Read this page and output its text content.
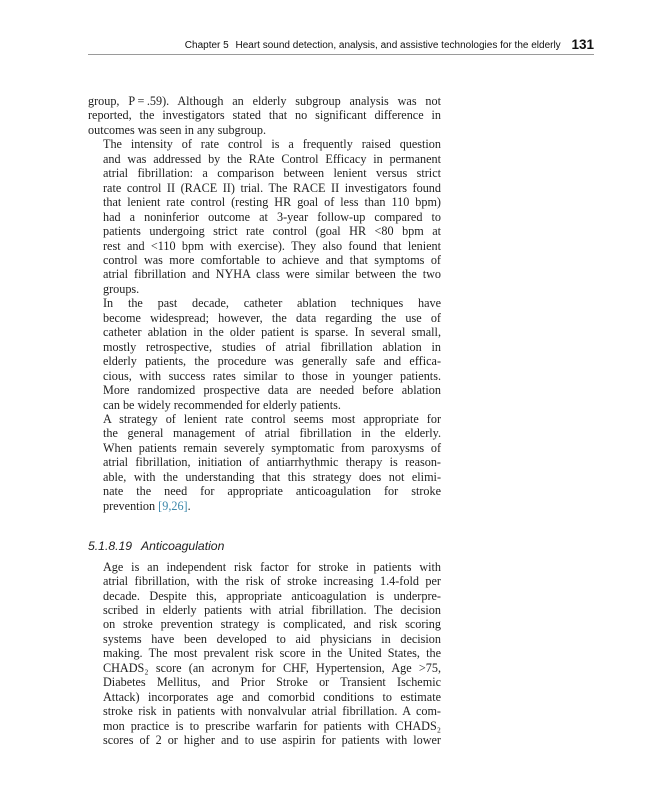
Chapter 5 Heart sound detection, analysis, and assistive technologies for the elderly 131

group, P = .59). Although an elderly subgroup analysis was not
reported, the investigators stated that no significant difference in
outcomes was seen in any subgroup.

The intensity of rate control is a frequently raised question
and was addressed by the RAte Control Efficacy in permanent
atrial fibrillation: a comparison between lenient versus strict
rate control II (RACE II) trial. The RACE II investigators found
that lenient rate control (resting HR goal of less than 110 bpm)
had a noninferior outcome at 3-year follow-up compared to
patients undergoing strict rate control (goal HR <80 bpm at
rest and <110 bpm with exercise). They also found that lenient
control was more comfortable to achieve and that symptoms of
atrial fibrillation and NYHA class were similar between the two
groups.

In the past decade, catheter ablation techniques have
become widespread; however, the data regarding the use of
catheter ablation in the older patient is sparse. In several small,
mostly retrospective, studies of atrial fibrillation ablation in
elderly patients, the procedure was generally safe and effica-
cious, with success rates similar to those in younger patients.
More randomized prospective data are needed before ablation
can be widely recommended for elderly patients.

A strategy of lenient rate control seems most appropriate for
the general management of atrial fibrillation in the elderly.
When patients remain severely symptomatic from paroxysms of
atrial fibrillation, initiation of antiarrhythmic therapy is reason-
able, with the understanding that this strategy does not elimi-
nate the need for appropriate anticoagulation for stroke
prevention [9,26].

5.1.8.19 Anticoagulation

Age is an independent risk factor for stroke in patients with
atrial fibrillation, with the risk of stroke increasing 1.4-fold per
decade. Despite this, appropriate anticoagulation is underpre-
scribed in elderly patients with atrial fibrillation. The decision
on stroke prevention strategy is complicated, and risk scoring
systems have been developed to aid physicians in decision
making. The most prevalent risk score in the United States, the
CHADS₂ score (an acronym for CHF, Hypertension, Age >75,
Diabetes Mellitus, and Prior Stroke or Transient Ischemic
Attack) incorporates age and comorbid conditions to estimate
stroke risk in patients with nonvalvular atrial fibrillation. A com-
mon practice is to prescribe warfarin for patients with CHADS₂
scores of 2 or higher and to use aspirin for patients with lower
